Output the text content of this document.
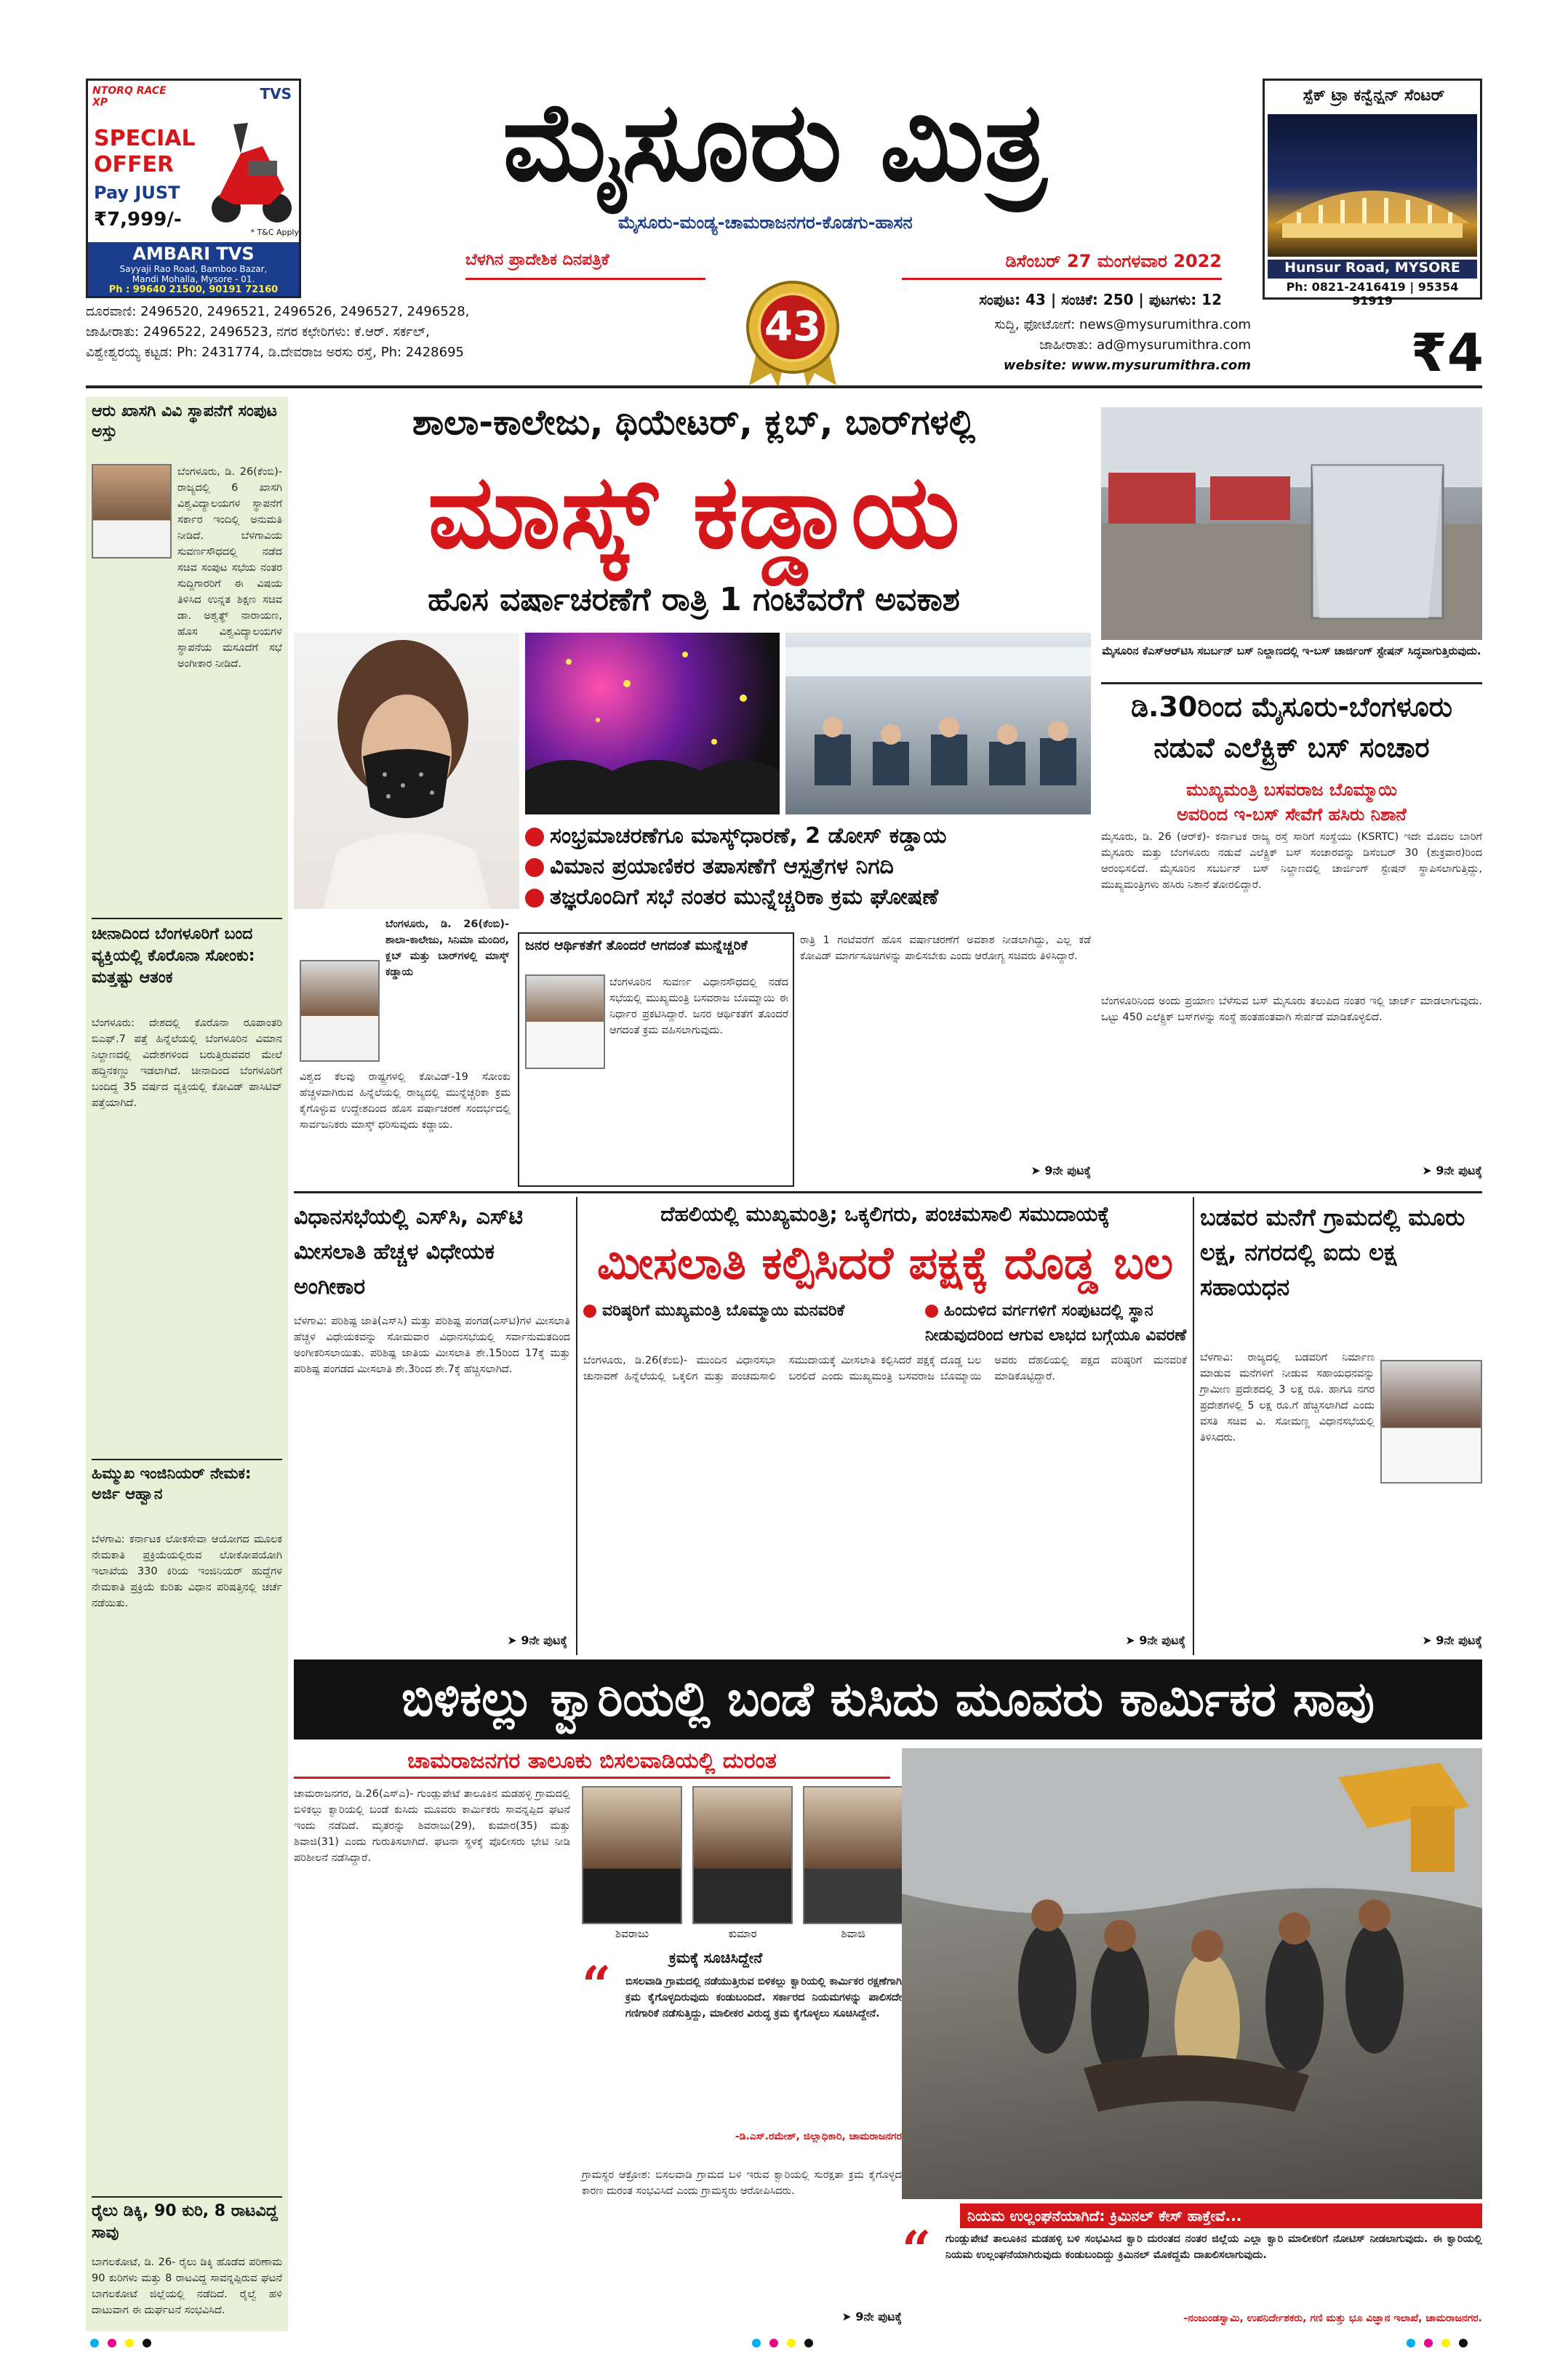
NTORQ RACE XP	TVS
SPECIAL
OFFER
Pay JUST
₹7,999/-
* T&C Apply
AMBARI TVS
Sayyaji Rao Road, Bamboo Bazar,
Mandi Mohalla, Mysore - 01.
Ph : 99640 21500, 90191 72160
ಮೈಸೂರು ಮಿತ್ರ
ಮೈಸೂರು-ಮಂಡ್ಯ-ಚಾಮರಾಜನಗರ-ಕೊಡಗು-ಹಾಸನ
ಬೆಳಗಿನ ಪ್ರಾದೇಶಿಕ ದಿನಪತ್ರಿಕೆ	ಡಿಸೆಂಬರ್ 27 ಮಂಗಳವಾರ 2022
43
ಸಂಪುಟ: 43 | ಸಂಚಿಕೆ: 250 | ಪುಟಗಳು: 12
ಸುದ್ದಿ, ಫೋಟೋಗೆ: news@mysurumithra.com
ಜಾಹೀರಾತು: ad@mysurumithra.com
website: www.mysurumithra.com
ದೂರವಾಣಿ: 2496520, 2496521, 2496526, 2496527, 2496528,
ಜಾಹೀರಾತು: 2496522, 2496523, ನಗರ ಕಛೇರಿಗಳು: ಕೆ.ಆರ್. ಸರ್ಕಲ್,
ವಿಶ್ವೇಶ್ವರಯ್ಯ ಕಟ್ಟಡ: Ph: 2431774, ಡಿ.ದೇವರಾಜ ಅರಸು ರಸ್ತೆ, Ph: 2428695
ಸ್ಪೆಕ್ ಟ್ರಾ ಕನ್ವೆನ್ಷನ್ ಸೆಂಟರ್
Hunsur Road, MYSORE
Ph: 0821-2416419 | 95354 91919
₹4
ಆರು ಖಾಸಗಿ ವಿವಿ ಸ್ಥಾಪನೆಗೆ ಸಂಪುಟ ಅಸ್ತು
ಬೆಂಗಳೂರು, ಡಿ. 26(ಕೆಂಬಿ)- ರಾಜ್ಯದಲ್ಲಿ 6 ಖಾಸಗಿ ವಿಶ್ವವಿದ್ಯಾಲಯಗಳ ಸ್ಥಾಪನೆಗೆ ಸರ್ಕಾರ ಇಂದಿಲ್ಲಿ ಅನುಮತಿ ನೀಡಿದೆ. ಬೆಳಗಾವಿಯ ಸುವರ್ಣಸೌಧದಲ್ಲಿ ನಡೆದ ಸಚಿವ ಸಂಪುಟ ಸಭೆಯ ನಂತರ ಸುದ್ದಿಗಾರರಿಗೆ ಈ ವಿಷಯ ತಿಳಿಸಿದ ಉನ್ನತ ಶಿಕ್ಷಣ ಸಚಿವ ಡಾ. ಅಶ್ವತ್ಥ್ ನಾರಾಯಣ, ಹೊಸ ವಿಶ್ವವಿದ್ಯಾಲಯಗಳ ಸ್ಥಾಪನೆಯ ಮಸೂದೆಗೆ ಸಭೆ ಅಂಗೀಕಾರ ನೀಡಿದೆ.
ಚೀನಾದಿಂದ ಬೆಂಗಳೂರಿಗೆ ಬಂದ ವ್ಯಕ್ತಿಯಲ್ಲಿ ಕೊರೊನಾ ಸೋಂಕು: ಮತ್ತಷ್ಟು ಆತಂಕ
ಬೆಂಗಳೂರು: ದೇಶದಲ್ಲಿ ಕೊರೊನಾ ರೂಪಾಂತರಿ ಬಿಎಫ್.7 ಪತ್ತೆ ಹಿನ್ನೆಲೆಯಲ್ಲಿ ಬೆಂಗಳೂರಿನ ವಿಮಾನ ನಿಲ್ದಾಣದಲ್ಲಿ ವಿದೇಶಗಳಿಂದ ಬರುತ್ತಿರುವವರ ಮೇಲೆ ಹದ್ದಿನಕಣ್ಣು ಇಡಲಾಗಿದೆ. ಚೀನಾದಿಂದ ಬೆಂಗಳೂರಿಗೆ ಬಂದಿದ್ದ 35 ವರ್ಷದ ವ್ಯಕ್ತಿಯಲ್ಲಿ ಕೋವಿಡ್ ಪಾಸಿಟಿವ್ ಪತ್ತೆಯಾಗಿದೆ.
ಹಿಮ್ಮುಖ ಇಂಜಿನಿಯರ್ ನೇಮಕ: ಅರ್ಜಿ ಆಹ್ವಾನ
ಬೆಳಗಾವಿ: ಕರ್ನಾಟಕ ಲೋಕಸೇವಾ ಆಯೋಗದ ಮೂಲಕ ನೇಮಕಾತಿ ಪ್ರಕ್ರಿಯೆಯಲ್ಲಿರುವ ಲೋಕೋಪಯೋಗಿ ಇಲಾಖೆಯ 330 ಕಿರಿಯ ಇಂಜಿನಿಯರ್ ಹುದ್ದೆಗಳ ನೇಮಕಾತಿ ಪ್ರಕ್ರಿಯೆ ಕುರಿತು ವಿಧಾನ ಪರಿಷತ್ತಿನಲ್ಲಿ ಚರ್ಚೆ ನಡೆಯಿತು.
ರೈಲು ಡಿಕ್ಕಿ, 90 ಕುರಿ, 8 ರಾಟವಿದ್ದ ಸಾವು
ಬಾಗಲಕೋಟೆ, ಡಿ. 26- ರೈಲು ಡಿಕ್ಕಿ ಹೊಡೆದ ಪರಿಣಾಮ 90 ಕುರಿಗಳು ಮತ್ತು 8 ರಾಟವಿದ್ದ ಸಾವನ್ನಪ್ಪಿರುವ ಘಟನೆ ಬಾಗಲಕೋಟೆ ಜಿಲ್ಲೆಯಲ್ಲಿ ನಡೆದಿದೆ. ರೈಲ್ವೆ ಹಳಿ ದಾಟುವಾಗ ಈ ದುರ್ಘಟನೆ ಸಂಭವಿಸಿದೆ.
ಶಾಲಾ-ಕಾಲೇಜು, ಥಿಯೇಟರ್, ಕ್ಲಬ್, ಬಾರ್‌ಗಳಲ್ಲಿ
ಮಾಸ್ಕ್ ಕಡ್ಡಾಯ
ಹೊಸ ವರ್ಷಾಚರಣೆಗೆ ರಾತ್ರಿ 1 ಗಂಟೆವರೆಗೆ ಅವಕಾಶ
ಸಂಭ್ರಮಾಚರಣೆಗೂ ಮಾಸ್ಕ್‌ಧಾರಣೆ, 2 ಡೋಸ್ ಕಡ್ಡಾಯ
ವಿಮಾನ ಪ್ರಯಾಣಿಕರ ತಪಾಸಣೆಗೆ ಆಸ್ಪತ್ರೆಗಳ ನಿಗದಿ
ತಜ್ಞರೊಂದಿಗೆ ಸಭೆ ನಂತರ ಮುನ್ನೆಚ್ಚರಿಕಾ ಕ್ರಮ ಘೋಷಣೆ
ಬೆಂಗಳೂರು, ಡಿ. 26(ಕೆಂಬಿ)- ಶಾಲಾ-ಕಾಲೇಜು, ಸಿನಿಮಾ ಮಂದಿರ, ಕ್ಲಬ್ ಮತ್ತು ಬಾರ್‌ಗಳಲ್ಲಿ ಮಾಸ್ಕ್ ಕಡ್ಡಾಯ
ವಿಶ್ವದ ಕೆಲವು ರಾಷ್ಟ್ರಗಳಲ್ಲಿ ಕೋವಿಡ್-19 ಸೋಂಕು ಹೆಚ್ಚಳವಾಗಿರುವ ಹಿನ್ನೆಲೆಯಲ್ಲಿ ರಾಜ್ಯದಲ್ಲಿ ಮುನ್ನೆಚ್ಚರಿಕಾ ಕ್ರಮ ಕೈಗೊಳ್ಳುವ ಉದ್ದೇಶದಿಂದ ಹೊಸ ವರ್ಷಾಚರಣೆ ಸಂದರ್ಭದಲ್ಲಿ ಸಾರ್ವಜನಿಕರು ಮಾಸ್ಕ್ ಧರಿಸುವುದು ಕಡ್ಡಾಯ.
ಜನರ ಆರ್ಥಿಕತೆಗೆ ತೊಂದರೆ ಆಗದಂತೆ ಮುನ್ನೆಚ್ಚರಿಕೆ
ಬೆಂಗಳೂರಿನ ಸುವರ್ಣ ವಿಧಾನಸೌಧದಲ್ಲಿ ನಡೆದ ಸಭೆಯಲ್ಲಿ ಮುಖ್ಯಮಂತ್ರಿ ಬಸವರಾಜ ಬೊಮ್ಮಾಯಿ ಈ ನಿರ್ಧಾರ ಪ್ರಕಟಿಸಿದ್ದಾರೆ. ಜನರ ಆರ್ಥಿಕತೆಗೆ ತೊಂದರೆ ಆಗದಂತೆ ಕ್ರಮ ವಹಿಸಲಾಗುವುದು.
ರಾತ್ರಿ 1 ಗಂಟೆವರೆಗೆ ಹೊಸ ವರ್ಷಾಚರಣೆಗೆ ಅವಕಾಶ ನೀಡಲಾಗಿದ್ದು, ಎಲ್ಲ ಕಡೆ ಕೋವಿಡ್ ಮಾರ್ಗಸೂಚಿಗಳನ್ನು ಪಾಲಿಸಬೇಕು ಎಂದು ಆರೋಗ್ಯ ಸಚಿವರು ತಿಳಿಸಿದ್ದಾರೆ.
➤ 9ನೇ ಪುಟಕ್ಕೆ
ಮೈಸೂರಿನ ಕೆಎಸ್‌ಆರ್‌ಟಿಸಿ ಸಬರ್ಬನ್ ಬಸ್ ನಿಲ್ದಾಣದಲ್ಲಿ ಇ-ಬಸ್ ಚಾರ್ಜಿಂಗ್ ಸ್ಟೇಷನ್ ಸಿದ್ಧವಾಗುತ್ತಿರುವುದು.
ಡಿ.30ರಿಂದ ಮೈಸೂರು-ಬೆಂಗಳೂರು ನಡುವೆ ಎಲೆಕ್ಟ್ರಿಕ್ ಬಸ್ ಸಂಚಾರ
ಮುಖ್ಯಮಂತ್ರಿ ಬಸವರಾಜ ಬೊಮ್ಮಾಯಿ
ಅವರಿಂದ ಇ-ಬಸ್ ಸೇವೆಗೆ ಹಸಿರು ನಿಶಾನೆ
ಮೈಸೂರು, ಡಿ. 26 (ಆರ್‌ಕೆ)- ಕರ್ನಾಟಕ ರಾಜ್ಯ ರಸ್ತೆ ಸಾರಿಗೆ ಸಂಸ್ಥೆಯು (KSRTC) ಇದೇ ಮೊದಲ ಬಾರಿಗೆ ಮೈಸೂರು ಮತ್ತು ಬೆಂಗಳೂರು ನಡುವೆ ಎಲೆಕ್ಟ್ರಿಕ್ ಬಸ್ ಸಂಚಾರವನ್ನು ಡಿಸೆಂಬರ್ 30 (ಶುಕ್ರವಾರ)ರಿಂದ ಆರಂಭಿಸಲಿದೆ. ಮೈಸೂರಿನ ಸಬರ್ಬನ್ ಬಸ್ ನಿಲ್ದಾಣದಲ್ಲಿ ಚಾರ್ಜಿಂಗ್ ಸ್ಟೇಷನ್ ಸ್ಥಾಪಿಸಲಾಗುತ್ತಿದ್ದು, ಮುಖ್ಯಮಂತ್ರಿಗಳು ಹಸಿರು ನಿಶಾನೆ ತೋರಲಿದ್ದಾರೆ.
ಬೆಂಗಳೂರಿನಿಂದ ಅಂದು ಪ್ರಯಾಣ ಬೆಳೆಸುವ ಬಸ್ ಮೈಸೂರು ತಲುಪಿದ ನಂತರ ಇಲ್ಲಿ ಚಾರ್ಜ್ ಮಾಡಲಾಗುವುದು. ಒಟ್ಟು 450 ಎಲೆಕ್ಟ್ರಿಕ್ ಬಸ್‌ಗಳನ್ನು ಸಂಸ್ಥೆ ಹಂತಹಂತವಾಗಿ ಸೇರ್ಪಡೆ ಮಾಡಿಕೊಳ್ಳಲಿದೆ.
➤ 9ನೇ ಪುಟಕ್ಕೆ
ವಿಧಾನಸಭೆಯಲ್ಲಿ ಎಸ್‌ಸಿ, ಎಸ್‌ಟಿ ಮೀಸಲಾತಿ ಹೆಚ್ಚಳ ವಿಧೇಯಕ ಅಂಗೀಕಾರ
ಬೆಳಗಾವಿ: ಪರಿಶಿಷ್ಟ ಜಾತಿ(ಎಸ್‌ಸಿ) ಮತ್ತು ಪರಿಶಿಷ್ಟ ಪಂಗಡ(ಎಸ್‌ಟಿ)ಗಳ ಮೀಸಲಾತಿ ಹೆಚ್ಚಳ ವಿಧೇಯಕವನ್ನು ಸೋಮವಾರ ವಿಧಾನಸಭೆಯಲ್ಲಿ ಸರ್ವಾನುಮತದಿಂದ ಅಂಗೀಕರಿಸಲಾಯಿತು. ಪರಿಶಿಷ್ಟ ಜಾತಿಯ ಮೀಸಲಾತಿ ಶೇ.15ರಿಂದ 17ಕ್ಕೆ ಮತ್ತು ಪರಿಶಿಷ್ಟ ಪಂಗಡದ ಮೀಸಲಾತಿ ಶೇ.3ರಿಂದ ಶೇ.7ಕ್ಕೆ ಹೆಚ್ಚಿಸಲಾಗಿದೆ.
➤ 9ನೇ ಪುಟಕ್ಕೆ
ದೆಹಲಿಯಲ್ಲಿ ಮುಖ್ಯಮಂತ್ರಿ; ಒಕ್ಕಲಿಗರು, ಪಂಚಮಸಾಲಿ ಸಮುದಾಯಕ್ಕೆ
ಮೀಸಲಾತಿ ಕಲ್ಪಿಸಿದರೆ ಪಕ್ಷಕ್ಕೆ ದೊಡ್ಡ ಬಲ
ವರಿಷ್ಠರಿಗೆ ಮುಖ್ಯಮಂತ್ರಿ ಬೊಮ್ಮಾಯಿ ಮನವರಿಕೆ	ಹಿಂದುಳಿದ ವರ್ಗಗಳಿಗೆ ಸಂಪುಟದಲ್ಲಿ ಸ್ಥಾನ ನೀಡುವುದರಿಂದ ಆಗುವ ಲಾಭದ ಬಗ್ಗೆಯೂ ವಿವರಣೆ
ಬೆಂಗಳೂರು, ಡಿ.26(ಕೆಂಬಿ)- ಮುಂದಿನ ವಿಧಾನಸಭಾ ಚುನಾವಣೆ ಹಿನ್ನೆಲೆಯಲ್ಲಿ ಒಕ್ಕಲಿಗ ಮತ್ತು ಪಂಚಮಸಾಲಿ ಸಮುದಾಯಕ್ಕೆ ಮೀಸಲಾತಿ ಕಲ್ಪಿಸಿದರೆ ಪಕ್ಷಕ್ಕೆ ದೊಡ್ಡ ಬಲ ಬರಲಿದೆ ಎಂದು ಮುಖ್ಯಮಂತ್ರಿ ಬಸವರಾಜ ಬೊಮ್ಮಾಯಿ ಅವರು ದೆಹಲಿಯಲ್ಲಿ ಪಕ್ಷದ ವರಿಷ್ಠರಿಗೆ ಮನವರಿಕೆ ಮಾಡಿಕೊಟ್ಟಿದ್ದಾರೆ.
➤ 9ನೇ ಪುಟಕ್ಕೆ
ಬಡವರ ಮನೆಗೆ ಗ್ರಾಮದಲ್ಲಿ ಮೂರು ಲಕ್ಷ, ನಗರದಲ್ಲಿ ಐದು ಲಕ್ಷ ಸಹಾಯಧನ
ಬೆಳಗಾವಿ: ರಾಜ್ಯದಲ್ಲಿ ಬಡವರಿಗೆ ನಿರ್ಮಾಣ ಮಾಡುವ ಮನೆಗಳಿಗೆ ನೀಡುವ ಸಹಾಯಧನವನ್ನು ಗ್ರಾಮೀಣ ಪ್ರದೇಶದಲ್ಲಿ 3 ಲಕ್ಷ ರೂ. ಹಾಗೂ ನಗರ ಪ್ರದೇಶಗಳಲ್ಲಿ 5 ಲಕ್ಷ ರೂ.ಗೆ ಹೆಚ್ಚಿಸಲಾಗಿದೆ ಎಂದು ವಸತಿ ಸಚಿವ ವಿ. ಸೋಮಣ್ಣ ವಿಧಾನಸಭೆಯಲ್ಲಿ ತಿಳಿಸಿದರು.
➤ 9ನೇ ಪುಟಕ್ಕೆ
ಬಿಳಿಕಲ್ಲು ಕ್ವಾರಿಯಲ್ಲಿ ಬಂಡೆ ಕುಸಿದು ಮೂವರು ಕಾರ್ಮಿಕರ ಸಾವು
ಚಾಮರಾಜನಗರ ತಾಲೂಕು ಬಿಸಲವಾಡಿಯಲ್ಲಿ ದುರಂತ
ಚಾಮರಾಜನಗರ, ಡಿ.26(ಎಸ್‌ಎ)- ಗುಂಡ್ಲುಪೇಟೆ ತಾಲೂಕಿನ ಮಡಹಳ್ಳಿ ಗ್ರಾಮದಲ್ಲಿ ಬಿಳಿಕಲ್ಲು ಕ್ವಾರಿಯಲ್ಲಿ ಬಂಡೆ ಕುಸಿದು ಮೂವರು ಕಾರ್ಮಿಕರು ಸಾವನ್ನಪ್ಪಿದ ಘಟನೆ ಇಂದು ನಡೆದಿದೆ. ಮೃತರನ್ನು ಶಿವರಾಜು(29), ಕುಮಾರ(35) ಮತ್ತು ಶಿವಾಜಿ(31) ಎಂದು ಗುರುತಿಸಲಾಗಿದೆ. ಘಟನಾ ಸ್ಥಳಕ್ಕೆ ಪೊಲೀಸರು ಭೇಟಿ ನೀಡಿ ಪರಿಶೀಲನೆ ನಡೆಸಿದ್ದಾರೆ.
ಶಿವರಾಜು	ಕುಮಾರ	ಶಿವಾಜಿ
ಕ್ರಮಕ್ಕೆ ಸೂಚಿಸಿದ್ದೇನೆ
“	ಬಿಸಲವಾಡಿ ಗ್ರಾಮದಲ್ಲಿ ನಡೆಯುತ್ತಿರುವ ಬಿಳಿಕಲ್ಲು ಕ್ವಾರಿಯಲ್ಲಿ ಕಾರ್ಮಿಕರ ರಕ್ಷಣೆಗಾಗಿ ಕ್ರಮ ಕೈಗೊಳ್ಳದಿರುವುದು ಕಂಡುಬಂದಿದೆ. ಸರ್ಕಾರದ ನಿಯಮಗಳನ್ನು ಪಾಲಿಸದೇ ಗಣಿಗಾರಿಕೆ ನಡೆಸುತ್ತಿದ್ದು, ಮಾಲೀಕರ ವಿರುದ್ಧ ಕ್ರಮ ಕೈಗೊಳ್ಳಲು ಸೂಚಿಸಿದ್ದೇನೆ.
-ಡಿ.ಎಸ್.ರಮೇಶ್, ಜಿಲ್ಲಾಧಿಕಾರಿ, ಚಾಮರಾಜನಗರ
ಗ್ರಾಮಸ್ಥರ ಆಕ್ರೋಶ: ಬಿಸಲವಾಡಿ ಗ್ರಾಮದ ಬಳಿ ಇರುವ ಕ್ವಾರಿಯಲ್ಲಿ ಸುರಕ್ಷತಾ ಕ್ರಮ ಕೈಗೊಳ್ಳದ ಕಾರಣ ದುರಂತ ಸಂಭವಿಸಿದೆ ಎಂದು ಗ್ರಾಮಸ್ಥರು ಆರೋಪಿಸಿದರು.
➤ 9ನೇ ಪುಟಕ್ಕೆ
ನಿಯಮ ಉಲ್ಲಂಘನೆಯಾಗಿದೆ: ಕ್ರಿಮಿನಲ್ ಕೇಸ್ ಹಾಕ್ತೇವೆ...
“	ಗುಂಡ್ಲುಪೇಟೆ ತಾಲೂಕಿನ ಮಡಹಳ್ಳಿ ಬಳಿ ಸಂಭವಿಸಿದ ಕ್ವಾರಿ ದುರಂತದ ನಂತರ ಜಿಲ್ಲೆಯ ಎಲ್ಲಾ ಕ್ವಾರಿ ಮಾಲೀಕರಿಗೆ ನೋಟಿಸ್ ನೀಡಲಾಗುವುದು. ಈ ಕ್ವಾರಿಯಲ್ಲಿ ನಿಯಮ ಉಲ್ಲಂಘನೆಯಾಗಿರುವುದು ಕಂಡುಬಂದಿದ್ದು ಕ್ರಿಮಿನಲ್ ಮೊಕದ್ದಮೆ ದಾಖಲಿಸಲಾಗುವುದು.
-ನಂಜುಂಡಸ್ವಾಮಿ, ಉಪನಿರ್ದೇಶಕರು, ಗಣಿ ಮತ್ತು ಭೂ ವಿಜ್ಞಾನ ಇಲಾಖೆ, ಚಾಮರಾಜನಗರ.
